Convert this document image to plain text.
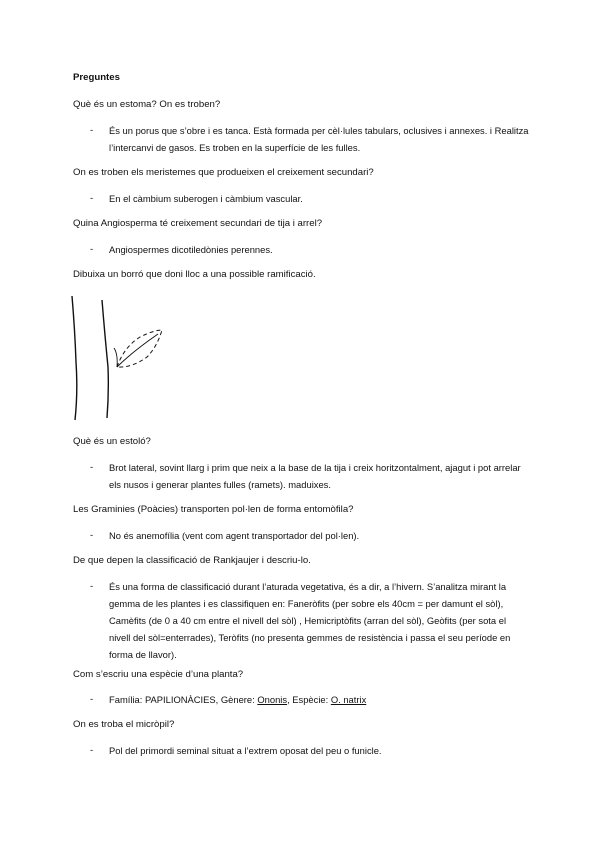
Preguntes
Què és un estoma? On es troben?
- És un porus que s’obre i es tanca. Està formada per cèl·lules tabulars, oclusives i annexes. i Realitza l’intercanvi de gasos. Es troben en la superfície de les fulles.
On es troben els meristemes que produeixen el creixement secundari?
- En el càmbium suberogen i càmbium vascular.
Quina Angiosperma té creixement secundari de tija i arrel?
- Angiospermes dicotiledònies perennes.
Dibuixa un borró que doni lloc a una possible ramificació.
Què és un estoló?
- Brot lateral, sovint llarg i prim que neix a la base de la tija i creix horitzontalment, ajagut i pot arrelar els nusos i generar plantes fulles (ramets). maduixes.
Les Graminies (Poàcies) transporten pol·len de forma entomòfila?
- No és anemofília (vent com agent transportador del pol·len).
De que depen la classificació de Rankjaujer i descriu-lo.
- És una forma de classificació durant l’aturada vegetativa, és a dir, a l’hivern. S’analitza mirant la gemma de les plantes i es classifiquen en: Faneròfits (per sobre els 40cm = per damunt el sòl), Camèfits (de 0 a 40 cm entre el nivell del sòl) , Hemicriptòfits (arran del sòl), Geòfits (per sota el nivell del sòl=enterrades), Teròfits (no presenta gemmes de resistència i passa el seu període en forma de llavor).
Com s’escriu una espècie d’una planta?
- Família: PAPILIONÀCIES, Gènere: Ononis, Espècie: O. natrix
On es troba el micròpil?
- Pol del primordi seminal situat a l’extrem oposat del peu o funicle.
